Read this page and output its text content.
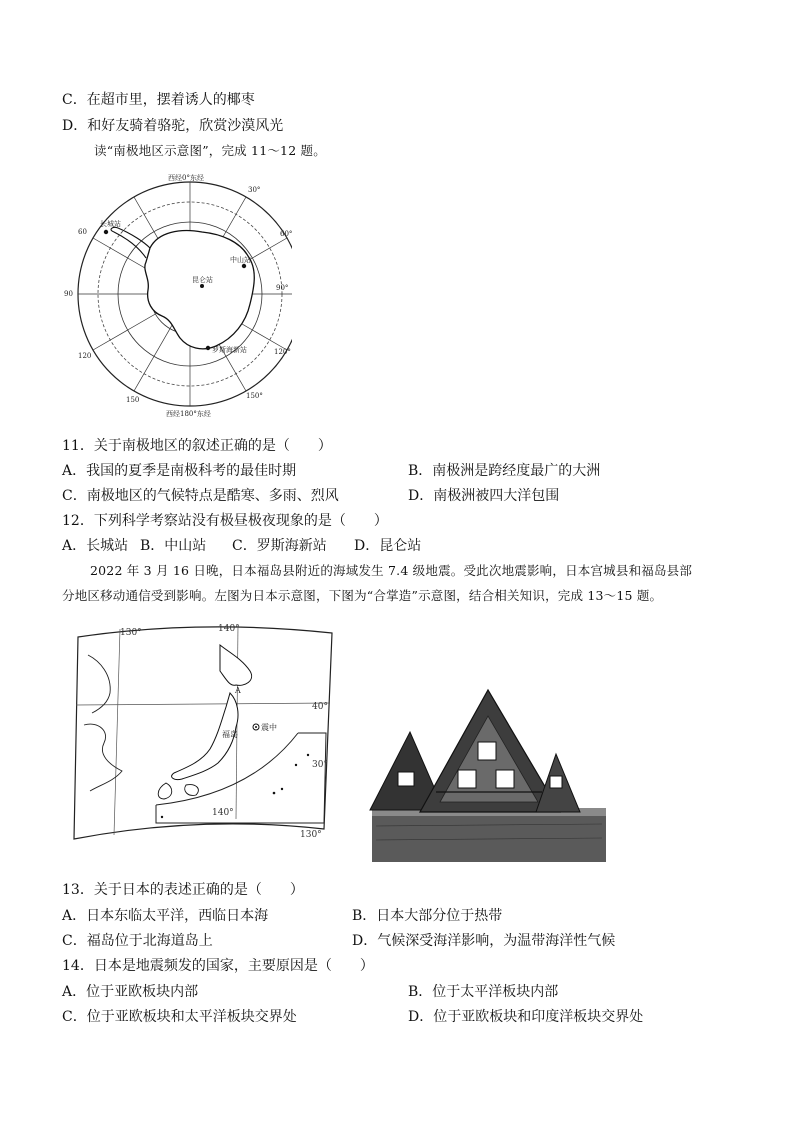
C．在超市里，摆着诱人的椰枣
D．和好友骑着骆驼，欣赏沙漠风光
读“南极地区示意图”，完成 11～12 题。
西经0°东经
西经180°东经
60
90
120
150
30°
60°
90°
120°
150°
长城站
中山站
昆仑站
罗斯海新站
11．关于南极地区的叙述正确的是（　　）
A．我国的夏季是南极科考的最佳时期	B．南极洲是跨经度最广的大洲
C．南极地区的气候特点是酷寒、多雨、烈风	D．南极洲被四大洋包围
12．下列科学考察站没有极昼极夜现象的是（　　）
A．长城站 B．中山站 C．罗斯海新站 D．昆仑站
2022 年 3 月 16 日晚，日本福岛县附近的海域发生 7.4 级地震。受此次地震影响，日本宫城县和福岛县部
分地区移动通信受到影响。左图为日本示意图，下图为“合掌造”示意图，结合相关知识，完成 13～15 题。
130°	140°
40°
30°
140°
130°
福岛
震中
A
13．关于日本的表述正确的是（　　）
A．日本东临太平洋，西临日本海	B．日本大部分位于热带
C．福岛位于北海道岛上	D．气候深受海洋影响，为温带海洋性气候
14．日本是地震频发的国家，主要原因是（　　）
A．位于亚欧板块内部	B．位于太平洋板块内部
C．位于亚欧板块和太平洋板块交界处	D．位于亚欧板块和印度洋板块交界处
